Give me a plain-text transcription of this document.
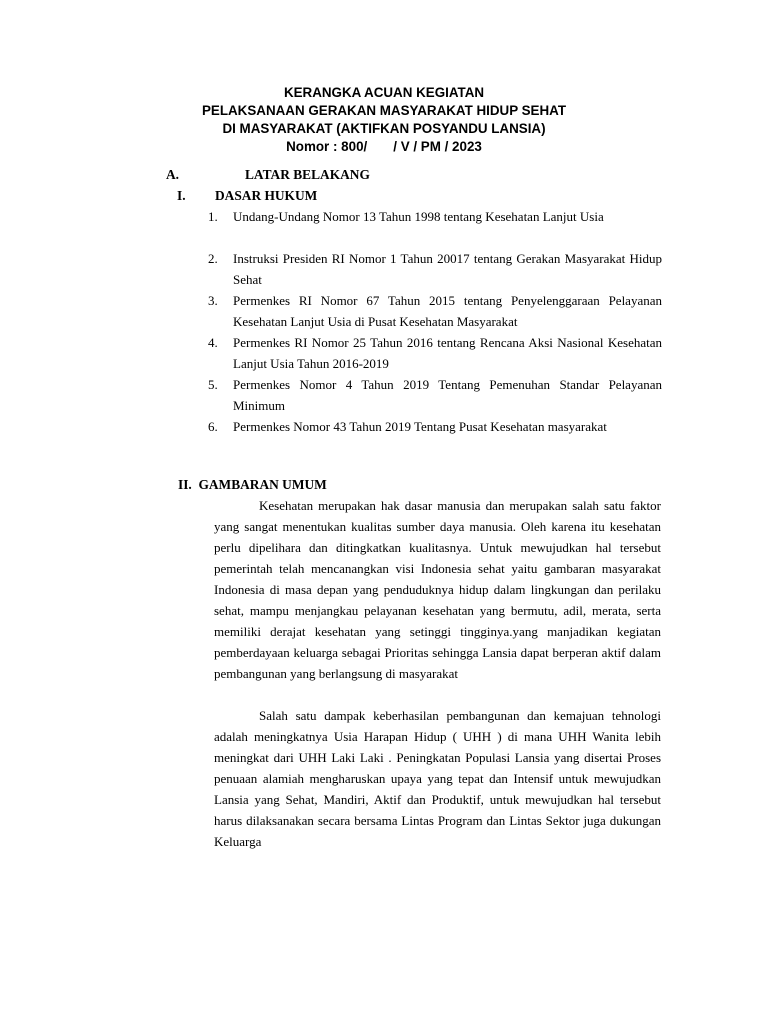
KERANGKA ACUAN KEGIATAN
PELAKSANAAN GERAKAN MASYARAKAT HIDUP SEHAT
DI MASYARAKAT (AKTIFKAN POSYANDU LANSIA)
Nomor : 800/       / V / PM / 2023
A.	LATAR BELAKANG
I. DASAR HUKUM
1. Undang-Undang Nomor 13 Tahun 1998 tentang Kesehatan Lanjut Usia
2. Instruksi Presiden RI Nomor 1 Tahun 20017 tentang Gerakan Masyarakat Hidup Sehat
3. Permenkes RI Nomor 67 Tahun 2015 tentang Penyelenggaraan Pelayanan Kesehatan Lanjut Usia di Pusat Kesehatan Masyarakat
4. Permenkes RI Nomor 25 Tahun 2016 tentang Rencana Aksi Nasional Kesehatan Lanjut Usia Tahun 2016-2019
5. Permenkes Nomor 4 Tahun 2019 Tentang Pemenuhan Standar Pelayanan Minimum
6. Permenkes Nomor 43 Tahun 2019 Tentang Pusat Kesehatan masyarakat
II.  GAMBARAN UMUM

Kesehatan merupakan hak dasar manusia dan merupakan salah satu faktor yang sangat menentukan kualitas sumber daya manusia. Oleh karena itu kesehatan perlu dipelihara dan ditingkatkan kualitasnya. Untuk mewujudkan hal tersebut pemerintah telah mencanangkan visi Indonesia sehat yaitu gambaran masyarakat Indonesia di masa depan yang penduduknya hidup dalam lingkungan dan perilaku sehat, mampu menjangkau pelayanan kesehatan yang bermutu, adil, merata, serta memiliki derajat kesehatan yang setinggi tingginya.yang manjadikan kegiatan pemberdayaan keluarga sebagai Prioritas sehingga Lansia dapat berperan aktif dalam pembangunan yang berlangsung di masyarakat

Salah satu dampak keberhasilan pembangunan dan kemajuan tehnologi adalah meningkatnya Usia Harapan Hidup ( UHH ) di mana UHH Wanita lebih meningkat dari UHH Laki Laki . Peningkatan Populasi Lansia yang disertai Proses penuaan alamiah mengharuskan upaya yang tepat dan Intensif untuk mewujudkan Lansia yang Sehat, Mandiri, Aktif dan Produktif, untuk mewujudkan hal tersebut harus dilaksanakan secara bersama Lintas Program dan Lintas Sektor juga dukungan Keluarga
